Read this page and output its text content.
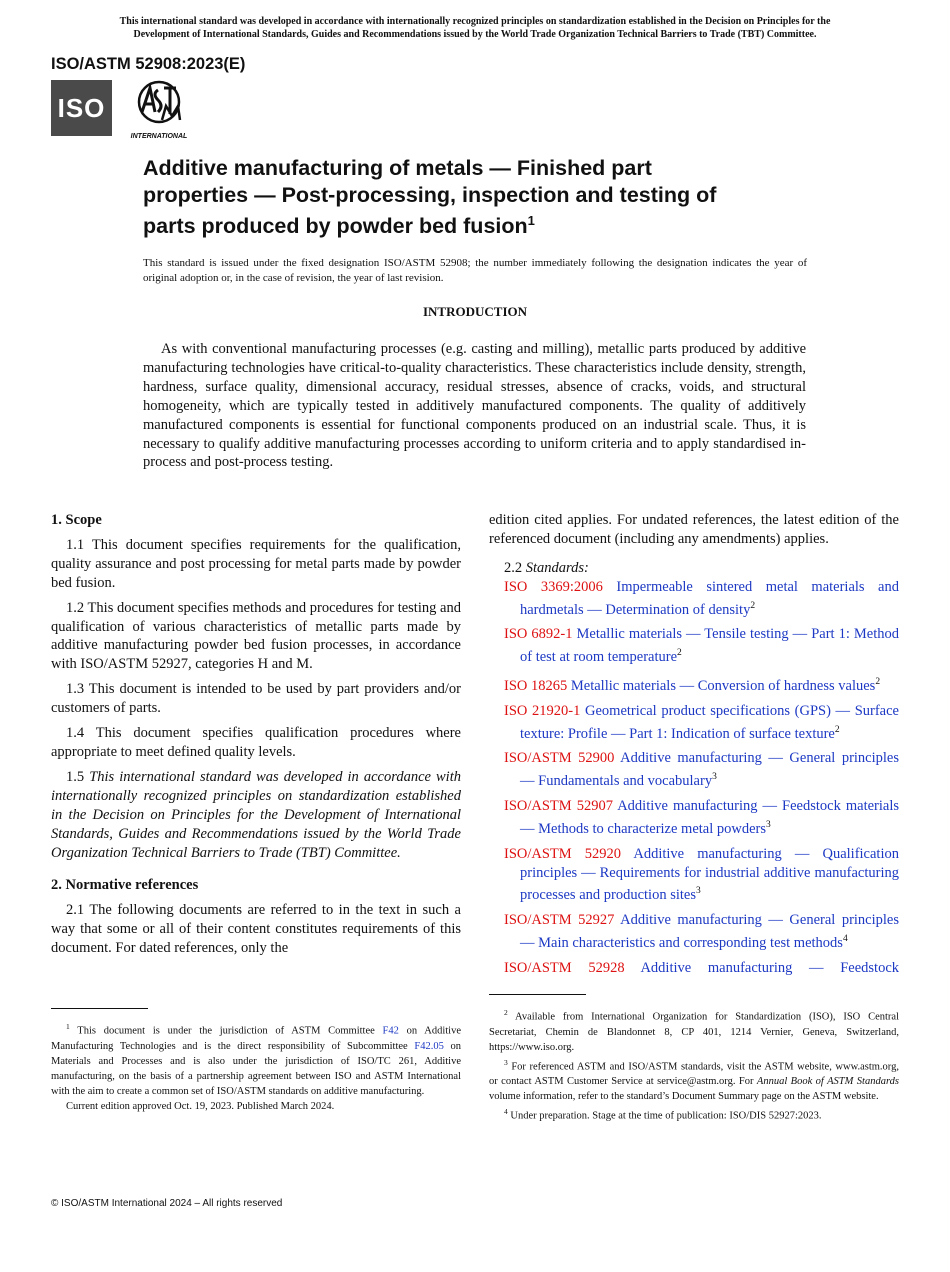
This international standard was developed in accordance with internationally recognized principles on standardization established in the Decision on Principles for the
Development of International Standards, Guides and Recommendations issued by the World Trade Organization Technical Barriers to Trade (TBT) Committee.
ISO/ASTM 52908:2023(E)
ISO
INTERNATIONAL
Additive manufacturing of metals — Finished part
properties — Post-processing, inspection and testing of
parts produced by powder bed fusion$^1$
This standard is issued under the fixed designation ISO/ASTM 52908; the number immediately following the designation indicates the year of original adoption or, in the case of revision, the year of last revision.
INTRODUCTION

As with conventional manufacturing processes (e.g. casting and milling), metallic parts produced by additive manufacturing technologies have critical-to-quality characteristics. These characteristics include density, strength, hardness, surface quality, dimensional accuracy, residual stresses, absence of cracks, voids, and structural homogeneity, which are typically tested in additively manufactured components. The quality of additively manufactured components is essential for functional components produced on an industrial scale. Thus, it is necessary to qualify additive manufacturing processes according to uniform criteria and to apply standardised in-process and post-process testing.

1. Scope

1.1 This document specifies requirements for the qualification, quality assurance and post processing for metal parts made by powder bed fusion.

1.2 This document specifies methods and procedures for testing and qualification of various characteristics of metallic parts made by additive manufacturing powder bed fusion processes, in accordance with ISO/ASTM 52927, categories H and M.

1.3 This document is intended to be used by part providers and/or customers of parts.

1.4 This document specifies qualification procedures where appropriate to meet defined quality levels.

1.5 This international standard was developed in accordance with internationally recognized principles on standardization established in the Decision on Principles for the Development of International Standards, Guides and Recommendations issued by the World Trade Organization Technical Barriers to Trade (TBT) Committee.

2. Normative references

2.1 The following documents are referred to in the text in such a way that some or all of their content constitutes requirements of this document. For dated references, only the

edition cited applies. For undated references, the latest edition of the referenced document (including any amendments) applies.

2.2 Standards:

ISO 3369:2006 Impermeable sintered metal materials and hardmetals — Determination of density$^2$

ISO 6892-1 Metallic materials — Tensile testing — Part 1: Method of test at room temperature$^2$

ISO 18265 Metallic materials — Conversion of hardness values$^2$

ISO 21920-1 Geometrical product specifications (GPS) — Surface texture: Profile — Part 1: Indication of surface texture$^2$

ISO/ASTM 52900 Additive manufacturing — General principles — Fundamentals and vocabulary$^3$

ISO/ASTM 52907 Additive manufacturing — Feedstock materials — Methods to characterize metal powders$^3$

ISO/ASTM 52920 Additive manufacturing — Qualification principles — Requirements for industrial additive manufacturing processes and production sites$^3$

ISO/ASTM 52927 Additive manufacturing — General principles — Main characteristics and corresponding test methods$^4$

ISO/ASTM 52928 Additive manufacturing — Feedstock

$^1$ This document is under the jurisdiction of ASTM Committee F42 on Additive Manufacturing Technologies and is the direct responsibility of Subcommittee F42.05 on Materials and Processes and is also under the jurisdiction of ISO/TC 261, Additive manufacturing, on the basis of a partnership agreement between ISO and ASTM International with the aim to create a common set of ISO/ASTM standards on additive manufacturing.

Current edition approved Oct. 19, 2023. Published March 2024.

$^2$ Available from International Organization for Standardization (ISO), ISO Central Secretariat, Chemin de Blandonnet 8, CP 401, 1214 Vernier, Geneva, Switzerland, https://www.iso.org.

$^3$ For referenced ASTM and ISO/ASTM standards, visit the ASTM website, www.astm.org, or contact ASTM Customer Service at service@astm.org. For Annual Book of ASTM Standards volume information, refer to the standard’s Document Summary page on the ASTM website.

$^4$ Under preparation. Stage at the time of publication: ISO/DIS 52927:2023.

© ISO/ASTM International 2024 – All rights reserved
